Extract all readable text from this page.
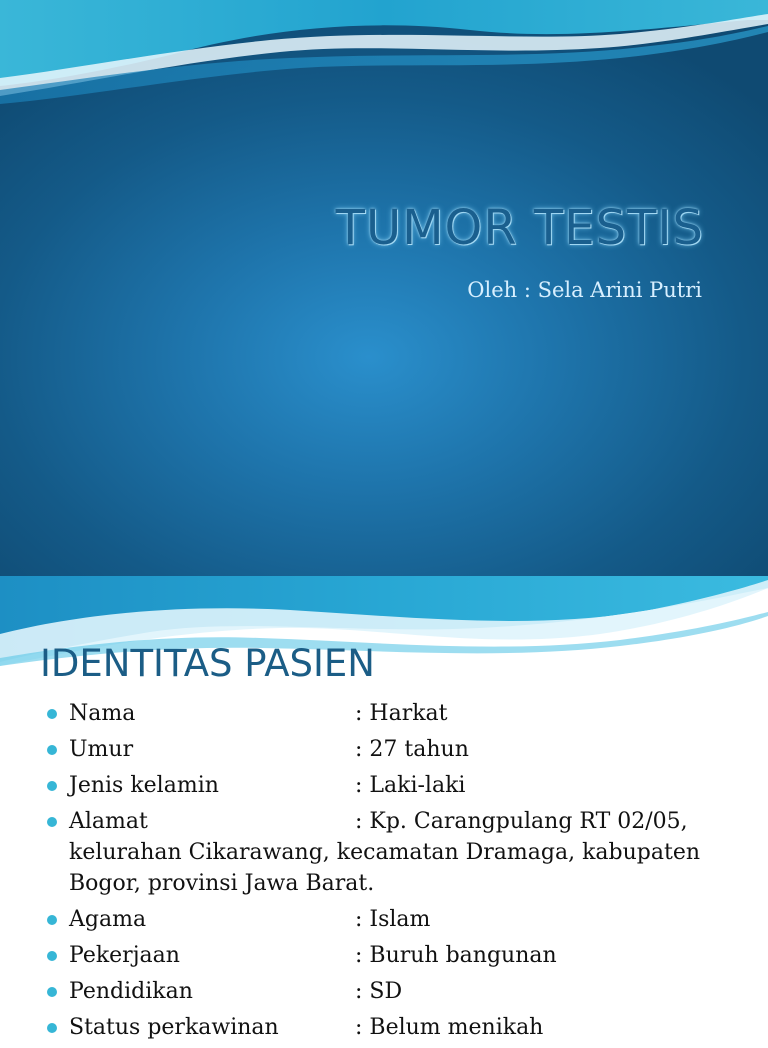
TUMOR TESTIS
Oleh : Sela Arini Putri
IDENTITAS PASIEN
Nama	: Harkat
Umur	: 27 tahun
Jenis kelamin	: Laki-laki
Alamat	: Kp. Carangpulang RT 02/05, kelurahan Cikarawang, kecamatan Dramaga, kabupaten Bogor, provinsi Jawa Barat.
Agama	: Islam
Pekerjaan	: Buruh bangunan
Pendidikan	: SD
Status perkawinan	: Belum menikah
